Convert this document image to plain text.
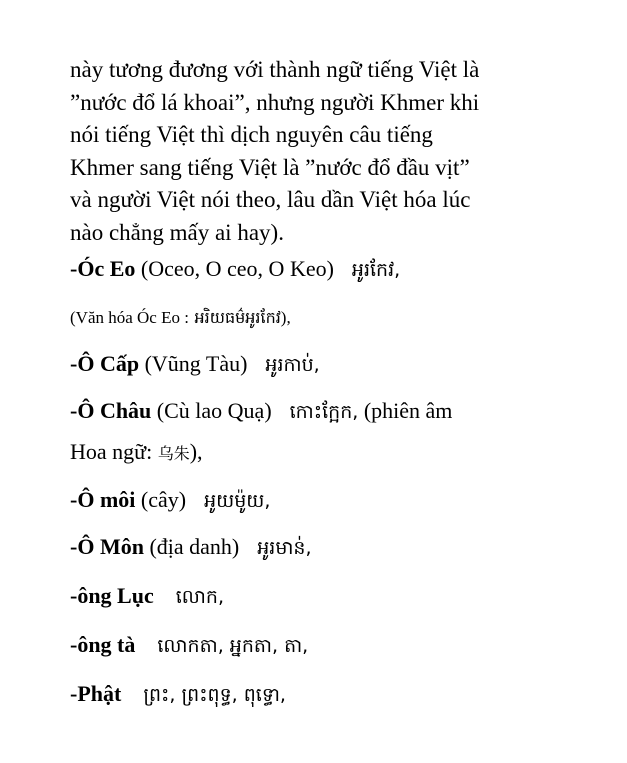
này tương đương với thành ngữ tiếng Việt là
”nước đổ lá khoai”, nhưng người Khmer khi
nói tiếng Việt thì dịch nguyên câu tiếng
Khmer sang tiếng Việt là ”nước đổ đầu vịt”
và người Việt nói theo, lâu dần Việt hóa lúc
nào chẳng mấy ai hay).
-Óc Eo (Oceo, O ceo, O Keo) អូរកែវ,
(Văn hóa Óc Eo : អរិយធម៌អូរកែវ),
-Ô Cấp (Vũng Tàu) អូរកាប់,
-Ô Châu (Cù lao Quạ) កោះក្អែក, (phiên âm
Hoa ngữ: 乌朱),
-Ô môi (cây) អូយម៉ូយ,
-Ô Môn (địa danh) អូរមាន់,
-ông Lục លោក,
-ông tà លោកតា, អ្នកតា, តា,
-Phật ព្រះ, ព្រះពុទ្ធ, ពុទ្ធោ,
